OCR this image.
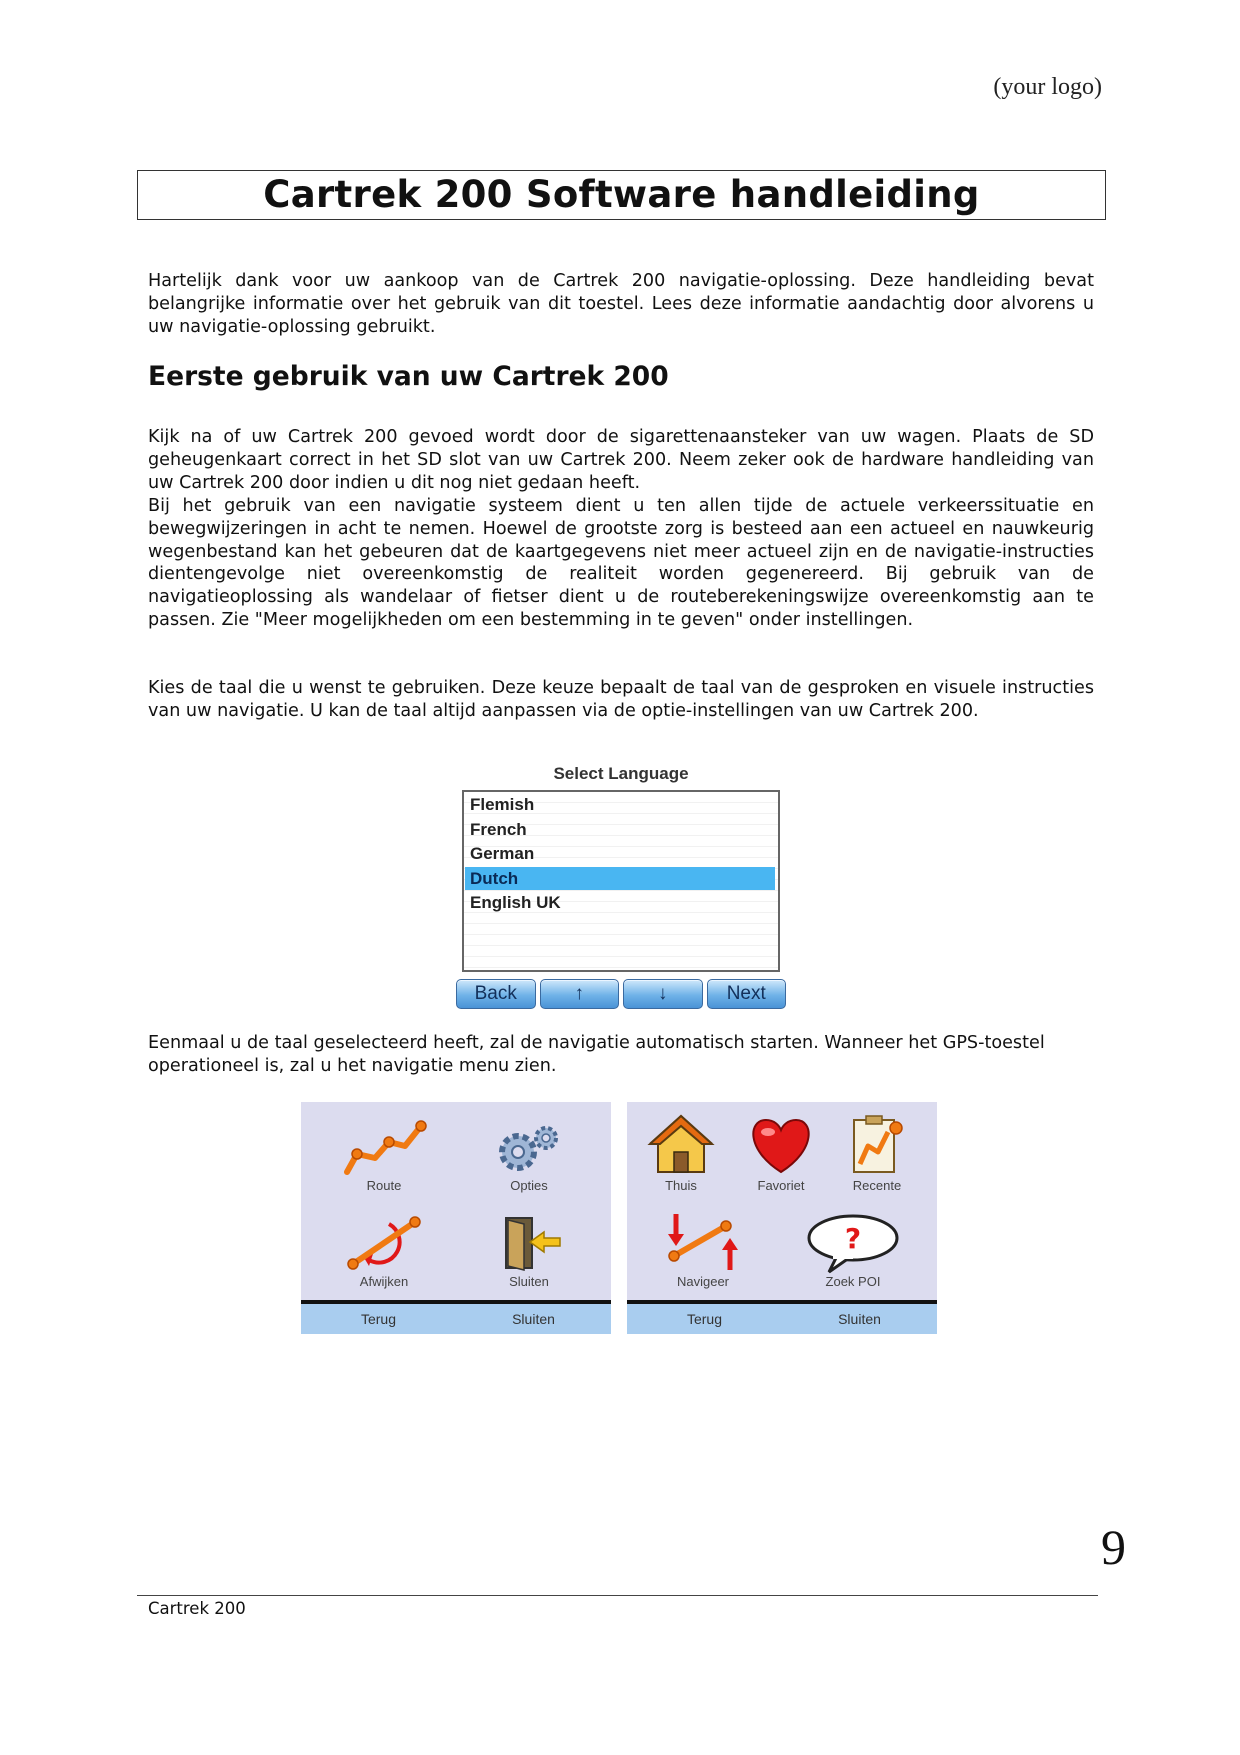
(your logo)
Cartrek 200 Software handleiding

Hartelijk dank voor uw aankoop van de Cartrek 200 navigatie-oplossing. Deze handleiding bevat belangrijke informatie over het gebruik van dit toestel. Lees deze informatie aandachtig door alvorens u uw navigatie-oplossing gebruikt.

Eerste gebruik van uw Cartrek 200

Kijk na of uw Cartrek 200 gevoed wordt door de sigarettenaansteker van uw wagen. Plaats de SD geheugenkaart correct in het SD slot van uw Cartrek 200. Neem zeker ook de hardware handleiding van uw Cartrek 200 door indien u dit nog niet gedaan heeft.

Bij het gebruik van een navigatie systeem dient u ten allen tijde de actuele verkeerssituatie en bewegwijzeringen in acht te nemen. Hoewel de grootste zorg is besteed aan een actueel en nauwkeurig wegenbestand kan het gebeuren dat de kaartgegevens niet meer actueel zijn en de navigatie-instructies dientengevolge niet overeenkomstig de realiteit worden gegenereerd. Bij gebruik van de navigatieoplossing als wandelaar of fietser dient u de routeberekeningswijze overeenkomstig aan te passen. Zie "Meer mogelijkheden om een bestemming in te geven" onder instellingen.

Kies de taal die u wenst te gebruiken. Deze keuze bepaalt de taal van de gesproken en visuele instructies van uw navigatie. U kan de taal altijd aanpassen via de optie-instellingen van uw Cartrek 200.

Select Language
Flemish
French
German
Dutch
English UK
Back	↑	↓	Next

Eenmaal u de taal geselecteerd heeft, zal de navigatie automatisch starten. Wanneer het GPS-toestel operationeel is, zal u het navigatie menu zien.

Route	Opties
Afwijken	Sluiten
Terug	Sluiten
Thuis	Favoriet	Recente
Navigeer
?
Zoek POI
Terug	Sluiten
9
Cartrek 200
